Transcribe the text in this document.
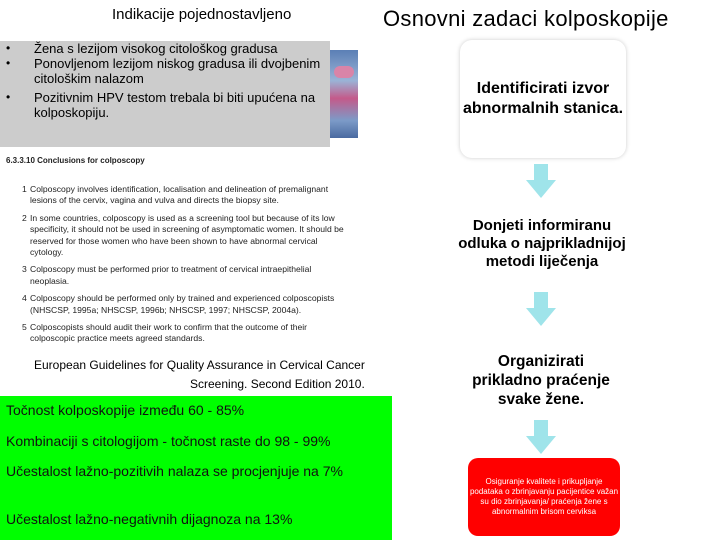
Indikacije pojednostavljeno
• Žena s lezijom visokog citološkog gradusa
• Ponovljenom lezijom niskog gradusa ili dvojbenim citološkim nalazom
• Pozitivnim HPV testom trebala bi biti upućena na kolposkopiju.
6.3.3.10 Conclusions for colposcopy

1 Colposcopy involves identification, localisation and delineation of premalignant lesions of the cervix, vagina and vulva and directs the biopsy site.

2 In some countries, colposcopy is used as a screening tool but because of its low specificity, it should not be used in screening of asymptomatic women. It should be reserved for those women who have been shown to have abnormal cervical cytology.

3 Colposcopy must be performed prior to treatment of cervical intraepithelial neoplasia.

4 Colposcopy should be performed only by trained and experienced colposcopists (NHSCSP, 1995a; NHSCSP, 1996b; NHSCSP, 1997; NHSCSP, 2004a).

5 Colposcopists should audit their work to confirm that the outcome of their colposcopic practice meets agreed standards.

European Guidelines for Quality Assurance in Cervical Cancer
Screening. Second Edition 2010.
Točnost kolposkopije između 60 - 85%
Kombinaciji s citologijom - točnost raste do 98 - 99%
Učestalost lažno-pozitivih nalaza se procjenjuje na 7%
Učestalost lažno-negativnih dijagnoza na 13%
Osnovni zadaci kolposkopije
Identificirati izvor abnormalnih stanica.
Donjeti informiranu odluka o najprikladnijoj metodi liječenja
Organizirati prikladno praćenje svake žene.
Osiguranje kvalitete i prikupljanje podataka o zbrinjavanju pacijentice važan su dio zbrinjavanja/ praćenja žene s abnormalnim brisom cerviksa
